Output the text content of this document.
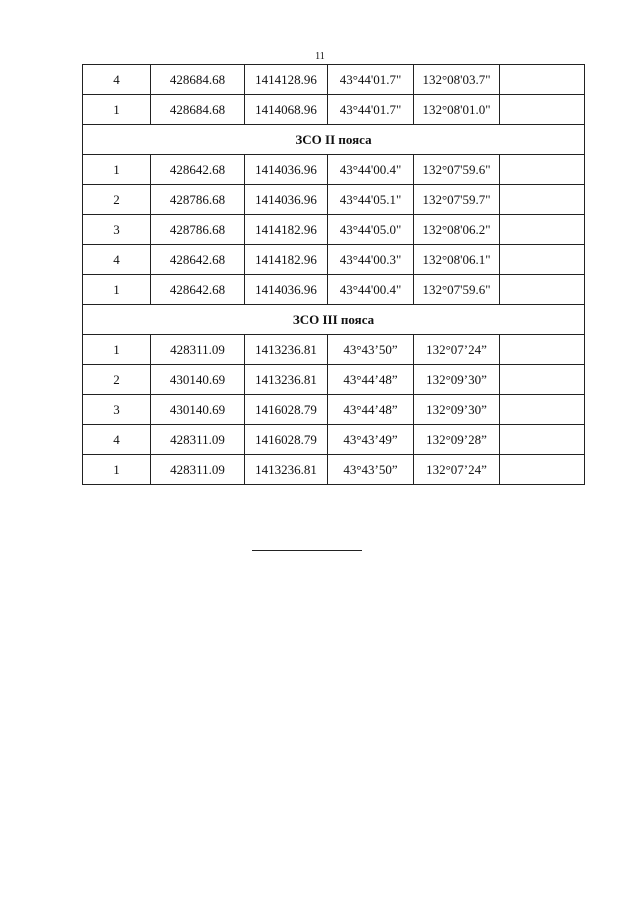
11
4	428684.68	1414128.96	43°44'01.7"	132°08'03.7"	
1	428684.68	1414068.96	43°44'01.7"	132°08'01.0"	
ЗСО II пояса					
1	428642.68	1414036.96	43°44'00.4"	132°07'59.6"	
2	428786.68	1414036.96	43°44'05.1"	132°07'59.7"	
3	428786.68	1414182.96	43°44'05.0"	132°08'06.2"	
4	428642.68	1414182.96	43°44'00.3"	132°08'06.1"	
1	428642.68	1414036.96	43°44'00.4"	132°07'59.6"	
ЗСО III пояса					
1	428311.09	1413236.81	43°43’50”	132°07’24”	
2	430140.69	1413236.81	43°44’48”	132°09’30”	
3	430140.69	1416028.79	43°44’48”	132°09’30”	
4	428311.09	1416028.79	43°43’49”	132°09’28”	
1	428311.09	1413236.81	43°43’50”	132°07’24”	
